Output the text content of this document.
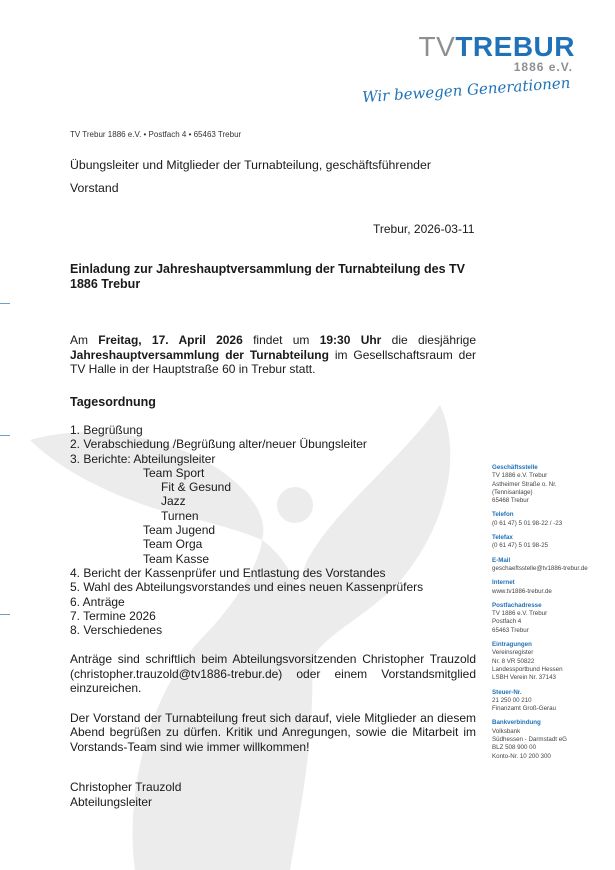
TVTREBUR
1886 e.V.
Wir bewegen Generationen
TV Trebur 1886 e.V. • Postfach 4 • 65463 Trebur
Übungsleiter und Mitglieder der Turnabteilung, geschäftsführender Vorstand
Trebur, 2026-03-11

Einladung zur Jahreshauptversammlung der Turnabteilung des TV 1886 Trebur

Am Freitag, 17. April 2026 findet um 19:30 Uhr die diesjährige Jahreshauptversammlung der Turnabteilung im Gesellschaftsraum der TV Halle in der Hauptstraße 60 in Trebur statt.

Tagesordnung

1. Begrüßung
2. Verabschiedung /Begrüßung alter/neuer Übungsleiter
3. Berichte: Abteilungsleiter
Team Sport
Fit & Gesund
Jazz
Turnen
Team Jugend
Team Orga
Team Kasse
4. Bericht der Kassenprüfer und Entlastung des Vorstandes
5. Wahl des Abteilungsvorstandes und eines neuen Kassenprüfers
6. Anträge
7. Termine 2026
8. Verschiedenes

Anträge sind schriftlich beim Abteilungsvorsitzenden Christopher Trauzold (christopher.trauzold@tv1886-trebur.de) oder einem Vorstandsmitglied einzureichen.

Der Vorstand der Turnabteilung freut sich darauf, viele Mitglieder an diesem Abend begrüßen zu dürfen. Kritik und Anregungen, sowie die Mitarbeit im Vorstands-Team sind wie immer willkommen!

Christopher Trauzold
Abteilungsleiter
Geschäftsstelle
TV 1886 e.V. Trebur
Astheimer Straße o. Nr.
(Tennisanlage)
65468 Trebur
Telefon
(0 61 47) 5 01 98-22 / -23
Telefax
(0 61 47) 5 01 98-25
E-Mail
geschaeftsstelle@tv1886-trebur.de
Internet
www.tv1886-trebur.de
Postfachadresse
TV 1886 e.V. Trebur
Postfach 4
65463 Trebur
Eintragungen
Vereinsregister
Nr. 8 VR 50822
Landessportbund Hessen
LSBH Verein Nr. 37143
Steuer-Nr.
21 250 00 210
Finanzamt Groß-Gerau
Bankverbindung
Volksbank
Südhessen - Darmstadt eG
BLZ 508 900 00
Konto-Nr. 10 200 300
